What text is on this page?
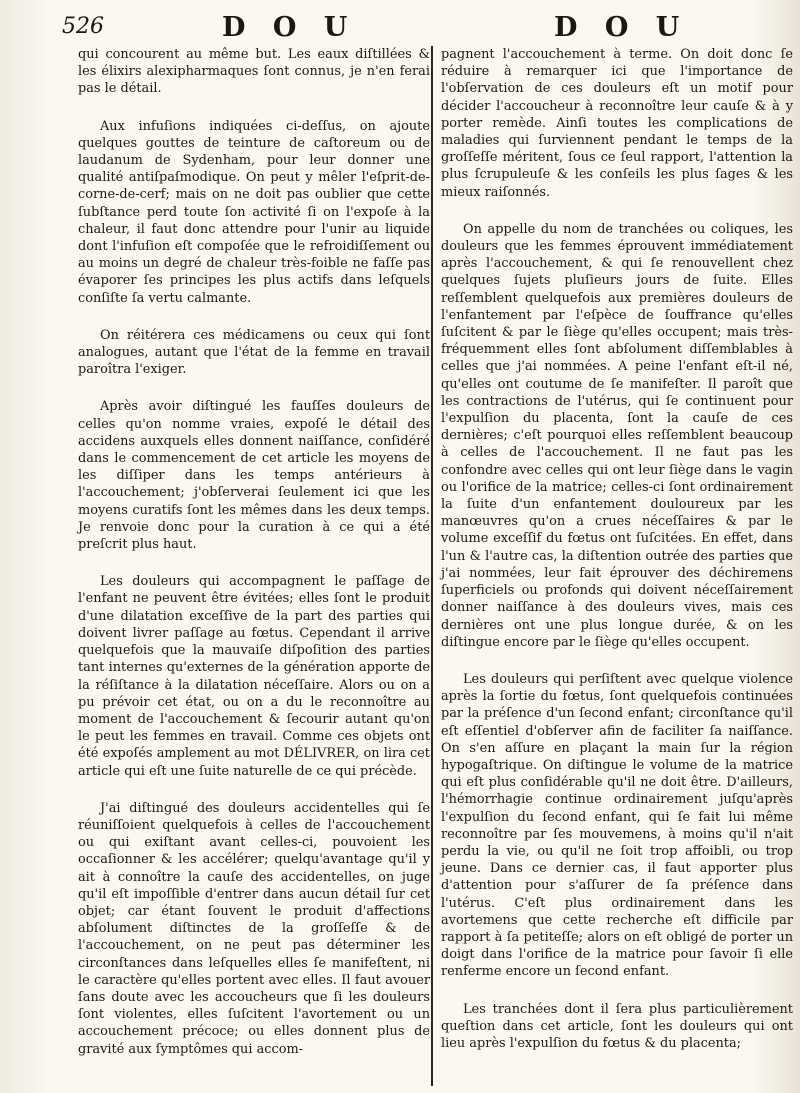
526	D O U	D O U

qui concourent au même but. Les eaux diſtillées & les élixirs alexipharmaques ſont connus, je n'en ferai pas le détail.

Aux infuſions indiquées ci-deſſus, on ajoute quelques gouttes de teinture de caſtoreum ou de laudanum de Sydenham, pour leur donner une qualité antiſpaſmodique. On peut y mêler l'eſprit-de-corne-de-cerf; mais on ne doit pas oublier que cette ſubſtance perd toute ſon activité ſi on l'expoſe à la chaleur, il faut donc attendre pour l'unir au liquide dont l'infuſion eſt compoſée que le refroidiſſement ou au moins un degré de chaleur très-foible ne faſſe pas évaporer ſes principes les plus actifs dans leſquels conſiſte ſa vertu calmante.

On réitérera ces médicamens ou ceux qui ſont analogues, autant que l'état de la femme en travail paroîtra l'exiger.

Après avoir diſtingué les fauſſes douleurs de celles qu'on nomme vraies, expoſé le détail des accidens auxquels elles donnent naiſſance, conſidéré dans le commencement de cet article les moyens de les diſſiper dans les temps antérieurs à l'accouchement; j'obſerverai ſeulement ici que les moyens curatifs ſont les mêmes dans les deux temps. Je renvoie donc pour la curation à ce qui a été preſcrit plus haut.

Les douleurs qui accompagnent le paſſage de l'enfant ne peuvent être évitées; elles ſont le produit d'une dilatation exceſſive de la part des parties qui doivent livrer paſſage au fœtus. Cependant il arrive quelquefois que la mauvaiſe diſpoſition des parties tant internes qu'externes de la génération apporte de la réſiſtance à la dilatation néceſſaire. Alors ou on a pu prévoir cet état, ou on a du le reconnoître au moment de l'accouchement & ſecourir autant qu'on le peut les femmes en travail. Comme ces objets ont été expoſés amplement au mot DÉLIVRER, on lira cet article qui eſt une ſuite naturelle de ce qui précède.

J'ai diſtingué des douleurs accidentelles qui ſe réuniſſoient quelquefois à celles de l'accouchement ou qui exiſtant avant celles-ci, pouvoient les occaſionner & les accélérer; quelqu'avantage qu'il y ait à connoître la cauſe des accidentelles, on juge qu'il eſt impoſſible d'entrer dans aucun détail ſur cet objet; car étant ſouvent le produit d'affections abſolument diſtinctes de la groſſeſſe & de l'accouchement, on ne peut pas déterminer les circonſtances dans leſquelles elles ſe manifeſtent, ni le caractère qu'elles portent avec elles. Il faut avouer ſans doute avec les accoucheurs que ſi les douleurs ſont violentes, elles ſuſcitent l'avortement ou un accouchement précoce; ou elles donnent plus de gravité aux ſymptômes qui accom-

pagnent l'accouchement à terme. On doit donc ſe réduire à remarquer ici que l'importance de l'obſervation de ces douleurs eſt un motif pour décider l'accoucheur à reconnoître leur cauſe & à y porter remède. Ainſi toutes les complications de maladies qui ſurviennent pendant le temps de la groſſeſſe méritent, ſous ce ſeul rapport, l'attention la plus ſcrupuleuſe & les conſeils les plus ſages & les mieux raiſonnés.

On appelle du nom de tranchées ou coliques, les douleurs que les femmes éprouvent immédiatement après l'accouchement, & qui ſe renouvellent chez quelques ſujets pluſieurs jours de ſuite. Elles reſſemblent quelquefois aux premières douleurs de l'enfantement par l'eſpèce de ſouffrance qu'elles ſuſcitent & par le ſiège qu'elles occupent; mais très-fréquemment elles ſont abſolument diſſemblables à celles que j'ai nommées. A peine l'enfant eſt-il né, qu'elles ont coutume de ſe manifeſter. Il paroît que les contractions de l'utérus, qui ſe continuent pour l'expulſion du placenta, ſont la cauſe de ces dernières; c'eſt pourquoi elles reſſemblent beaucoup à celles de l'accouchement. Il ne faut pas les confondre avec celles qui ont leur ſiège dans le vagin ou l'orifice de la matrice; celles-ci ſont ordinairement la ſuite d'un enfantement douloureux par les manœuvres qu'on a crues néceſſaires & par le volume exceſſif du fœtus ont ſuſcitées. En effet, dans l'un & l'autre cas, la diſtention outrée des parties que j'ai nommées, leur fait éprouver des déchiremens ſuperficiels ou profonds qui doivent néceſſairement donner naiſſance à des douleurs vives, mais ces dernières ont une plus longue durée, & on les diſtingue encore par le ſiège qu'elles occupent.

Les douleurs qui perſiſtent avec quelque violence après la ſortie du fœtus, ſont quelquefois continuées par la préſence d'un ſecond enfant; circonſtance qu'il eſt eſſentiel d'obſerver afin de faciliter ſa naiſſance. On s'en aſſure en plaçant la main ſur la région hypogaſtrique. On diſtingue le volume de la matrice qui eſt plus conſidérable qu'il ne doit être. D'ailleurs, l'hémorrhagie continue ordinairement juſqu'après l'expulſion du ſecond enfant, qui ſe fait lui même reconnoître par ſes mouvemens, à moins qu'il n'ait perdu la vie, ou qu'il ne ſoit trop affoibli, ou trop jeune. Dans ce dernier cas, il faut apporter plus d'attention pour s'aſſurer de ſa préſence dans l'utérus. C'eſt plus ordinairement dans les avortemens que cette recherche eſt difficile par rapport à ſa petiteſſe; alors on eſt obligé de porter un doigt dans l'orifice de la matrice pour ſavoir ſi elle renferme encore un ſecond enfant.

Les tranchées dont il ſera plus particulièrement queſtion dans cet article, ſont les douleurs qui ont lieu après l'expulſion du fœtus & du placenta;
